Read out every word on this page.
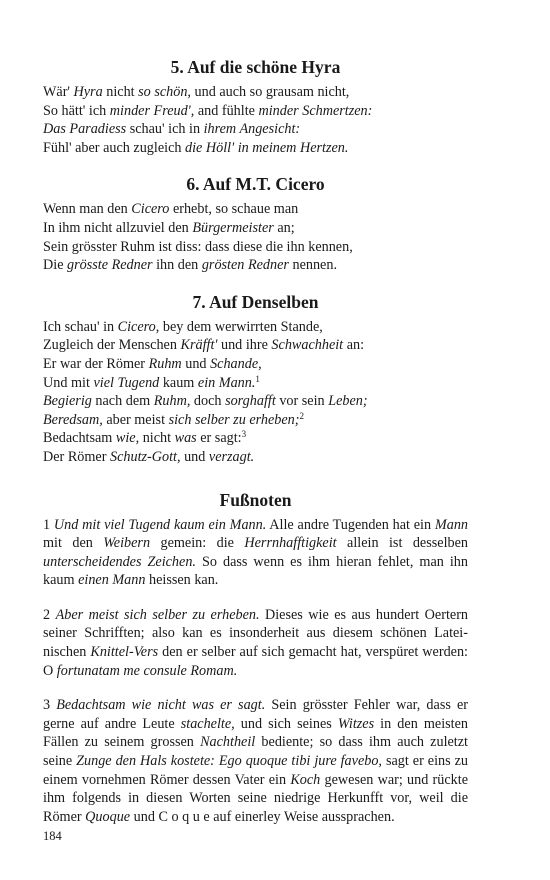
5. Auf die schöne Hyra
Wär' Hyra nicht so schön, und auch so grausam nicht,
So hätt' ich minder Freud', and fühlte minder Schmertzen:
Das Paradiess schau' ich in ihrem Angesicht:
Fühl' aber auch zugleich die Höll' in meinem Hertzen.
6. Auf M.T. Cicero
Wenn man den Cicero erhebt, so schaue man
In ihm nicht allzuviel den Bürgermeister an;
Sein grösster Ruhm ist diss: dass diese die ihn kennen,
Die grösste Redner ihn den grösten Redner nennen.
7. Auf Denselben
Ich schau' in Cicero, bey dem werwirrten Stande,
Zugleich der Menschen Kräfft' und ihre Schwachheit an:
Er war der Römer Ruhm und Schande,
Und mit viel Tugend kaum ein Mann.$^1$
Begierig nach dem Ruhm, doch sorghafft vor sein Leben;
Beredsam, aber meist sich selber zu erheben;$^2$
Bedachtsam wie, nicht was er sagt:$^3$
Der Römer Schutz-Gott, und verzagt.
Fußnoten
1 Und mit viel Tugend kaum ein Mann. Alle andre Tugenden hat ein Mann mit den Weibern gemein: die Herrnhafftigkeit allein ist desselben unterscheidendes Zeichen. So dass wenn es ihm hieran fehlet, man ihn kaum einen Mann heissen kan.
2 Aber meist sich selber zu erheben. Dieses wie es aus hundert Oertern seiner Schrifften; also kan es insonderheit aus diesem schönen Lateinischen Knittel-Vers den er selber auf sich gemacht hat, verspüret werden: O fortunatam me consule Romam.
3 Bedachtsam wie nicht was er sagt. Sein grösster Fehler war, dass er gerne auf andre Leute stachelte, und sich seines Witzes in den meisten Fällen zu seinem grossen Nachtheil bediente; so dass ihm auch zuletzt seine Zunge den Hals kostete: Ego quoque tibi jure favebo, sagt er eins zu einem vornehmen Römer dessen Vater ein Koch gewesen war; und rückte ihm folgends in diesen Worten seine niedrige Herkunfft vor, weil die Römer Quoque und C o q u e auf einerley Weise aussprachen.
184
